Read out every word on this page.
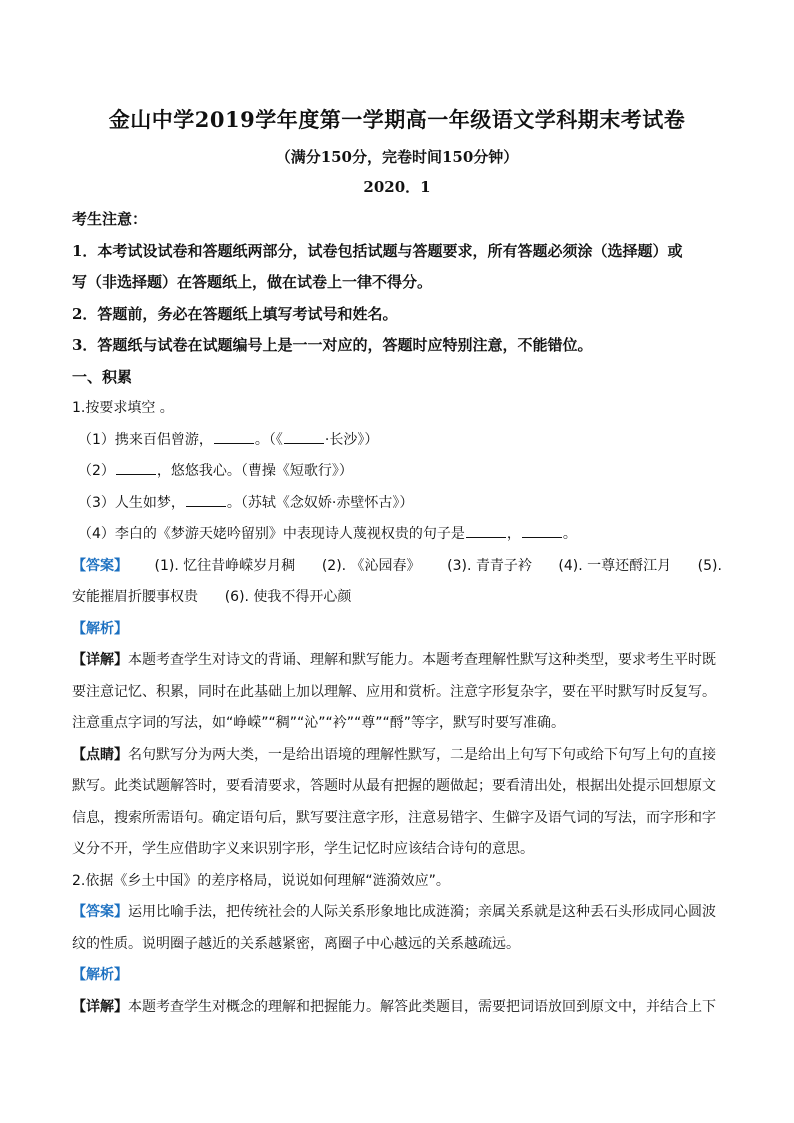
金山中学2019学年度第一学期高一年级语文学科期末考试卷
（满分150分，完卷时间150分钟）
2020．1

考生注意：

1．本考试设试卷和答题纸两部分，试卷包括试题与答题要求，所有答题必须涂（选择题）或
写（非选择题）在答题纸上，做在试卷上一律不得分。

2．答题前，务必在答题纸上填写考试号和姓名。

3．答题纸与试卷在试题编号上是一一对应的，答题时应特别注意，不能错位。

一、积累

1.按要求填空 。

（1）携来百侣曾游，	。（《	·长沙》）

（2）	，悠悠我心。（曹操《短歌行》）

（3）人生如梦，	。（苏轼《念奴娇·赤壁怀古》）

（4）李白的《梦游天姥吟留别》中表现诗人蔑视权贵的句子是	，	。

【答案】 (1). 忆往昔峥嵘岁月稠 (2). 《沁园春》 (3). 青青子衿 (4). 一尊还酹江月 (5).

安能摧眉折腰事权贵 (6). 使我不得开心颜

【解析】

【详解】本题考查学生对诗文的背诵、理解和默写能力。本题考查理解性默写这种类型，要求考生平时既
要注意记忆、积累，同时在此基础上加以理解、应用和赏析。注意字形复杂字，要在平时默写时反复写。
注意重点字词的写法，如“峥嵘”“稠”“沁”“衿”“尊”“酹”等字，默写时要写准确。

【点睛】名句默写分为两大类，一是给出语境的理解性默写，二是给出上句写下句或给下句写上句的直接
默写。此类试题解答时，要看清要求，答题时从最有把握的题做起；要看清出处，根据出处提示回想原文
信息，搜索所需语句。确定语句后，默写要注意字形，注意易错字、生僻字及语气词的写法，而字形和字
义分不开，学生应借助字义来识别字形，学生记忆时应该结合诗句的意思。

2.依据《乡土中国》的差序格局，说说如何理解“涟漪效应”。

【答案】运用比喻手法，把传统社会的人际关系形象地比成涟漪；亲属关系就是这种丢石头形成同心圆波
纹的性质。说明圈子越近的关系越紧密，离圈子中心越远的关系越疏远。

【解析】

【详解】本题考查学生对概念的理解和把握能力。解答此类题目，需要把词语放回到原文中，并结合上下
